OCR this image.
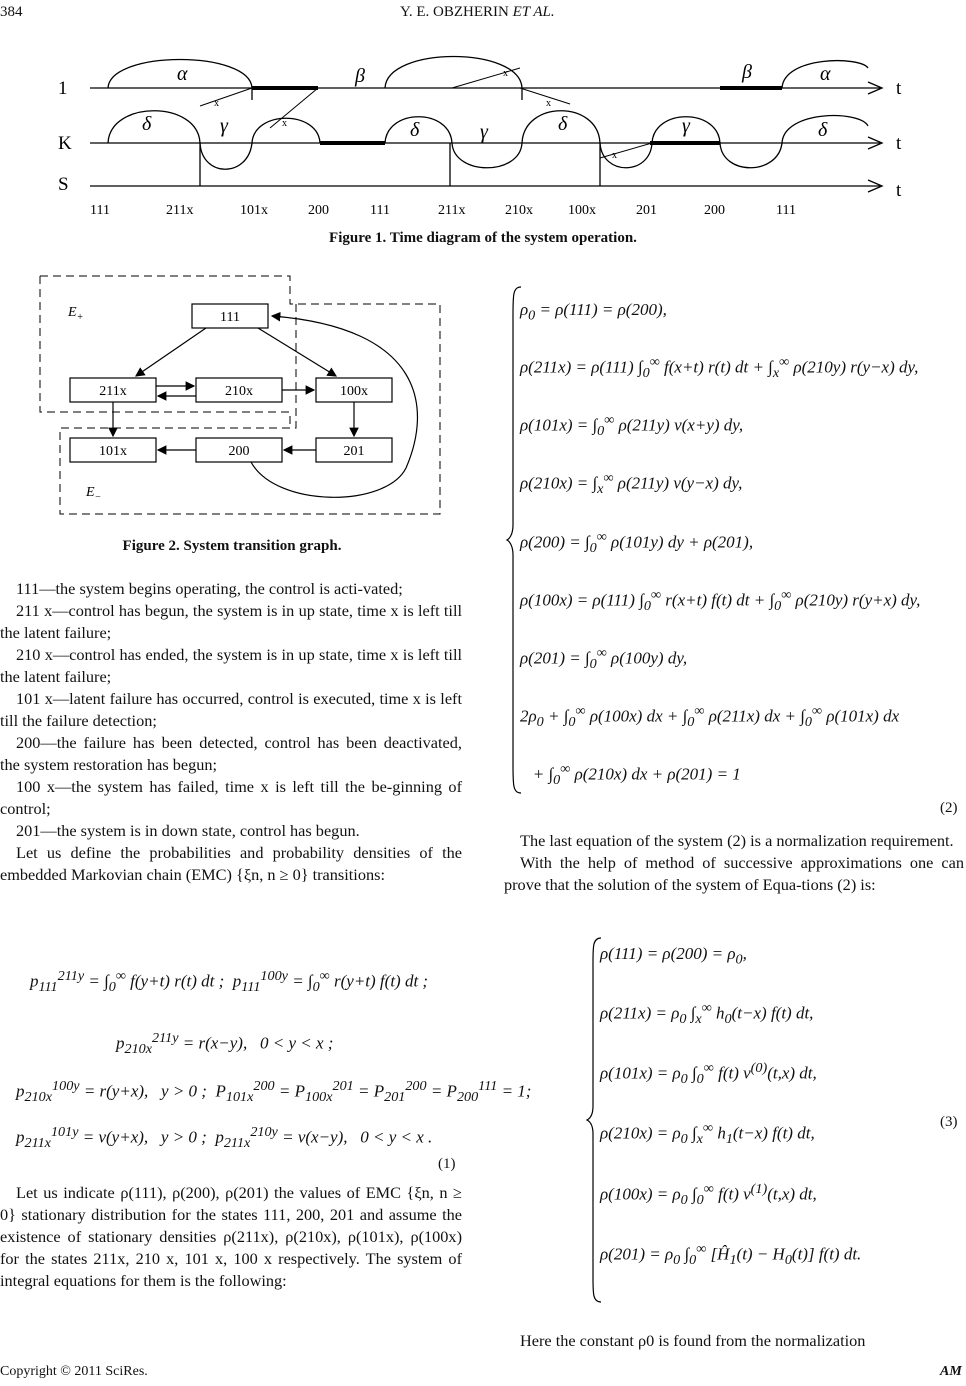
384	Y. E. OBZHERIN ET AL.
x
x
x
x
x
α	β	β	α
δ	γ	δ	γ	δ	γ	δ
1
K
S
t
t
t
111	211x	101x	200	111	211x	210x	100x	201	200	111
Figure 1. Time diagram of the system operation.
$E_+$
$E_-$
111
211x	210x	100x
101x	200	201
Figure 2. System transition graph.

111—the system begins operating, the control is acti-vated;

211 x—control has begun, the system is in up state, time x is left till the latent failure;

210 x—control has ended, the system is in up state, time x is left till the latent failure;

101 x—latent failure has occurred, control is executed, time x is left till the failure detection;

200—the failure has been detected, control has been deactivated, the system restoration has begun;

100 x—the system has failed, time x is left till the be-ginning of control;

201—the system is in down state, control has begun.

Let us define the probabilities and probability densities of the embedded Markovian chain (EMC) {ξn, n ≥ 0} transitions:

$p_{111}^{211y} = \int_0^\infty$ f(y+t) r(t) dt ;  $p_{111}^{100y} = \int_0^\infty$ r(y+t) f(t) dt ;
$p_{210x}^{211y} = r(x-y)$,   0 < y < x ;
$p_{210x}^{100y} = r(y+x)$,   y > 0 ;  $P_{101x}^{200} = P_{100x}^{201} = P_{201}^{200} = P_{200}^{111} = 1$;
$p_{211x}^{101y} = v(y+x)$,   y > 0 ;  $p_{211x}^{210y} = v(x-y)$,   0 < y < x .
(1)

Let us indicate ρ(111), ρ(200), ρ(201) the values of EMC {ξn, n ≥ 0} stationary distribution for the states 111, 200, 201 and assume the existence of stationary densities ρ(211x), ρ(210x), ρ(101x), ρ(100x) for the states 211x, 210 x, 101 x, 100 x respectively. The system of integral equations for them is the following:

$\rho_0 = \rho(111) = \rho(200)$,
ρ(211x) = ρ(111) $\int_0^\infty$ f(x+t) r(t) dt + $\int_x^\infty$ ρ(210y) r(y−x) dy,
$\rho(101x) = \int_0^\infty$ ρ(211y) v(x+y) dy,
$\rho(210x) = \int_x^\infty$ ρ(211y) v(y−x) dy,
$\rho(200) = \int_0^\infty$ ρ(101y) dy + ρ(201),
ρ(100x) = ρ(111) $\int_0^\infty$ r(x+t) f(t) dt + $\int_0^\infty$ ρ(210y) r(y+x) dy,
$\rho(201) = \int_0^\infty$ ρ(100y) dy,
$2\rho_0 + \int_0^\infty$ ρ(100x) dx + $\int_0^\infty$ ρ(211x) dx + $\int_0^\infty$ ρ(101x) dx
+ $\int_0^\infty$ ρ(210x) dx + ρ(201) = 1
(2)

The last equation of the system (2) is a normalization requirement.

With the help of method of successive approximations one can prove that the solution of the system of Equa-tions (2) is:

$\rho(111) = \rho(200) = \rho_0$,
$\rho(211x) = \rho_0$ $\int_x^\infty$ $h_0(t-x)$ f(t) dt,
$\rho(101x) = \rho_0$ $\int_0^\infty$ f(t) $\nu^{(0)}(t,x)$ dt,
$\rho(210x) = \rho_0$ $\int_x^\infty$ $h_1(t-x)$ f(t) dt,
$\rho(100x) = \rho_0$ $\int_0^\infty$ f(t) $\nu^{(1)}(t,x)$ dt,
$\rho(201) = \rho_0$ $\int_0^\infty$ $[Ĥ_1(t) - H_0(t)]$ f(t) dt.
(3)

Here the constant ρ0 is found from the normalization

Copyright © 2011 SciRes.	AM
